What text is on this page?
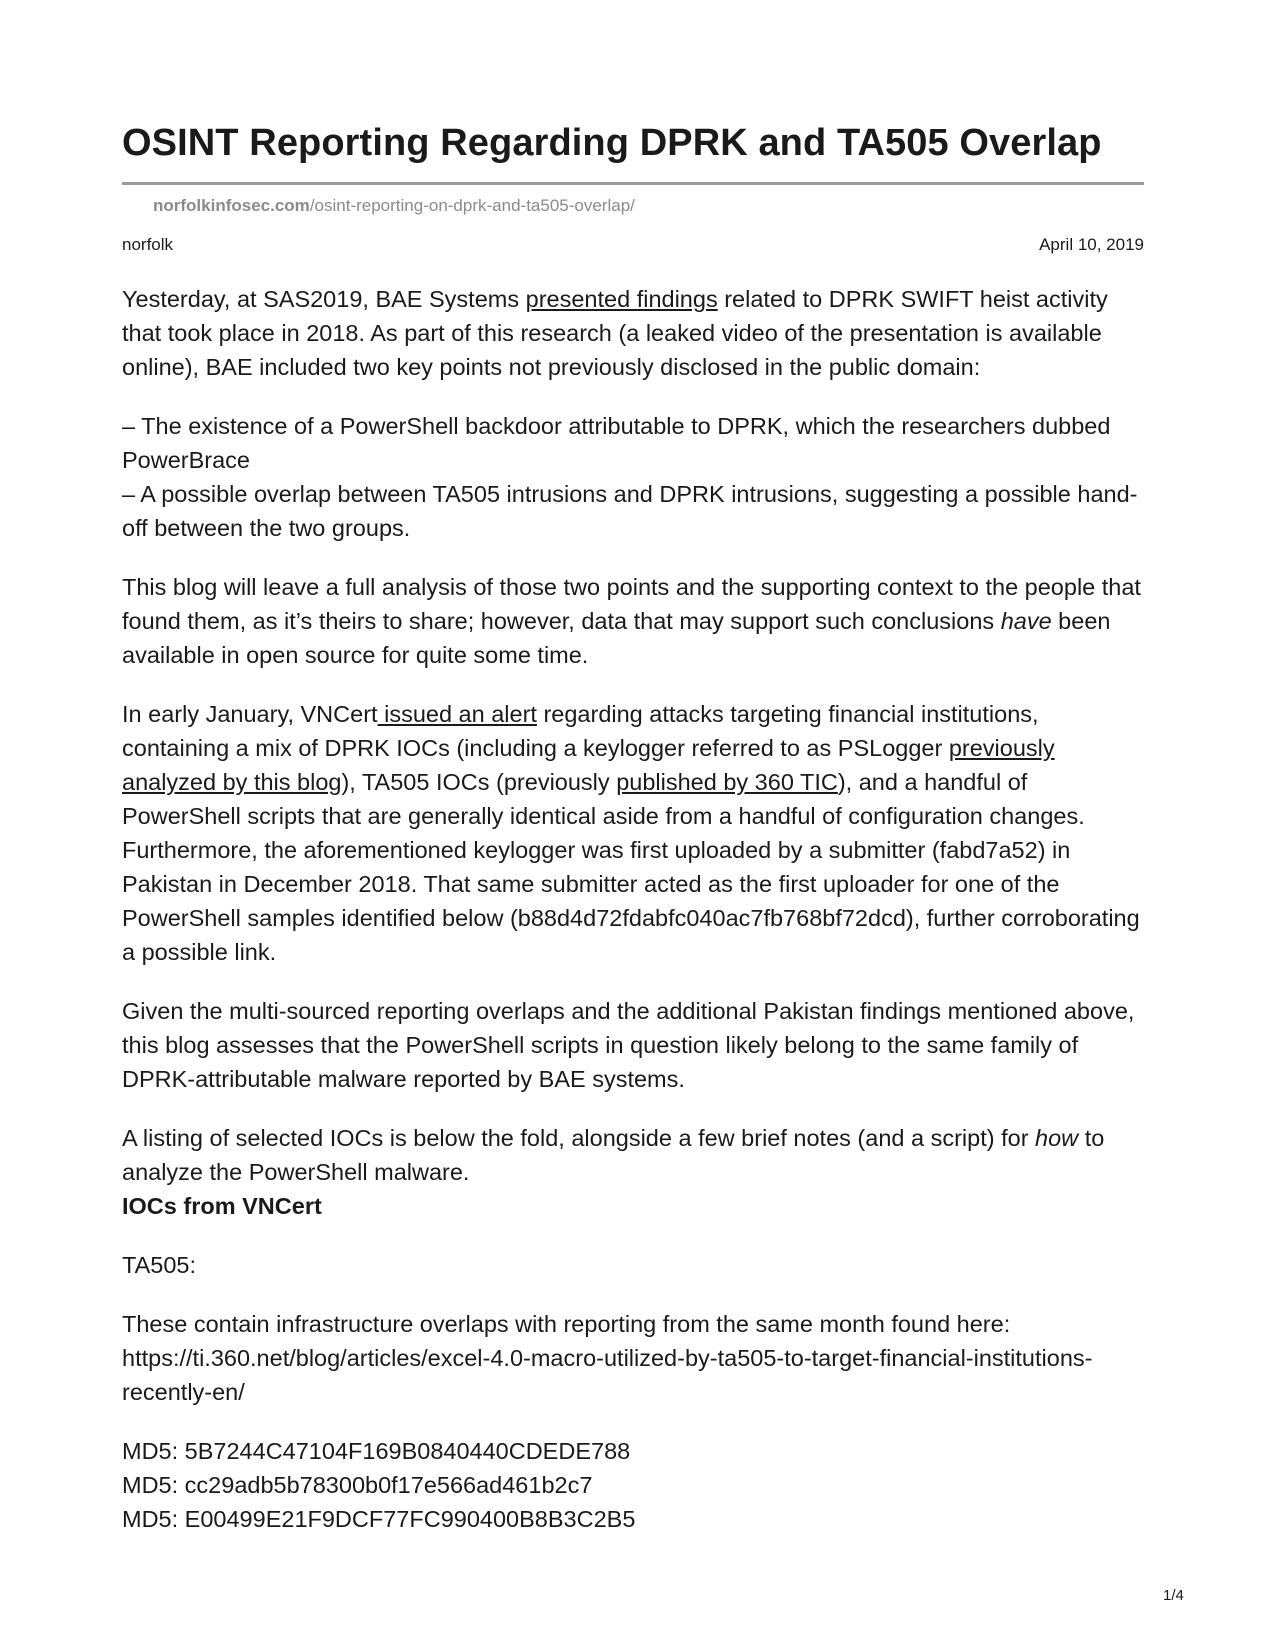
OSINT Reporting Regarding DPRK and TA505 Overlap
norfolkinfosec.com/osint-reporting-on-dprk-and-ta505-overlap/
norfolk	April 10, 2019

Yesterday, at SAS2019, BAE Systems presented findings related to DPRK SWIFT heist activity that took place in 2018. As part of this research (a leaked video of the presentation is available online), BAE included two key points not previously disclosed in the public domain:

– The existence of a PowerShell backdoor attributable to DPRK, which the researchers dubbed PowerBrace
– A possible overlap between TA505 intrusions and DPRK intrusions, suggesting a possible hand-off between the two groups.

This blog will leave a full analysis of those two points and the supporting context to the people that found them, as it’s theirs to share; however, data that may support such conclusions have been available in open source for quite some time.

In early January, VNCert issued an alert regarding attacks targeting financial institutions, containing a mix of DPRK IOCs (including a keylogger referred to as PSLogger previously analyzed by this blog), TA505 IOCs (previously published by 360 TIC), and a handful of PowerShell scripts that are generally identical aside from a handful of configuration changes. Furthermore, the aforementioned keylogger was first uploaded by a submitter (fabd7a52) in Pakistan in December 2018. That same submitter acted as the first uploader for one of the PowerShell samples identified below (b88d4d72fdabfc040ac7fb768bf72dcd), further corroborating a possible link.

Given the multi-sourced reporting overlaps and the additional Pakistan findings mentioned above, this blog assesses that the PowerShell scripts in question likely belong to the same family of DPRK-attributable malware reported by BAE systems.

A listing of selected IOCs is below the fold, alongside a few brief notes (and a script) for how to analyze the PowerShell malware.

IOCs from VNCert

TA505:

These contain infrastructure overlaps with reporting from the same month found here:
https://ti.360.net/blog/articles/excel-4.0-macro-utilized-by-ta505-to-target-financial-institutions-recently-en/

MD5: 5B7244C47104F169B0840440CDEDE788
MD5: cc29adb5b78300b0f17e566ad461b2c7
MD5: E00499E21F9DCF77FC990400B8B3C2B5

1/4
